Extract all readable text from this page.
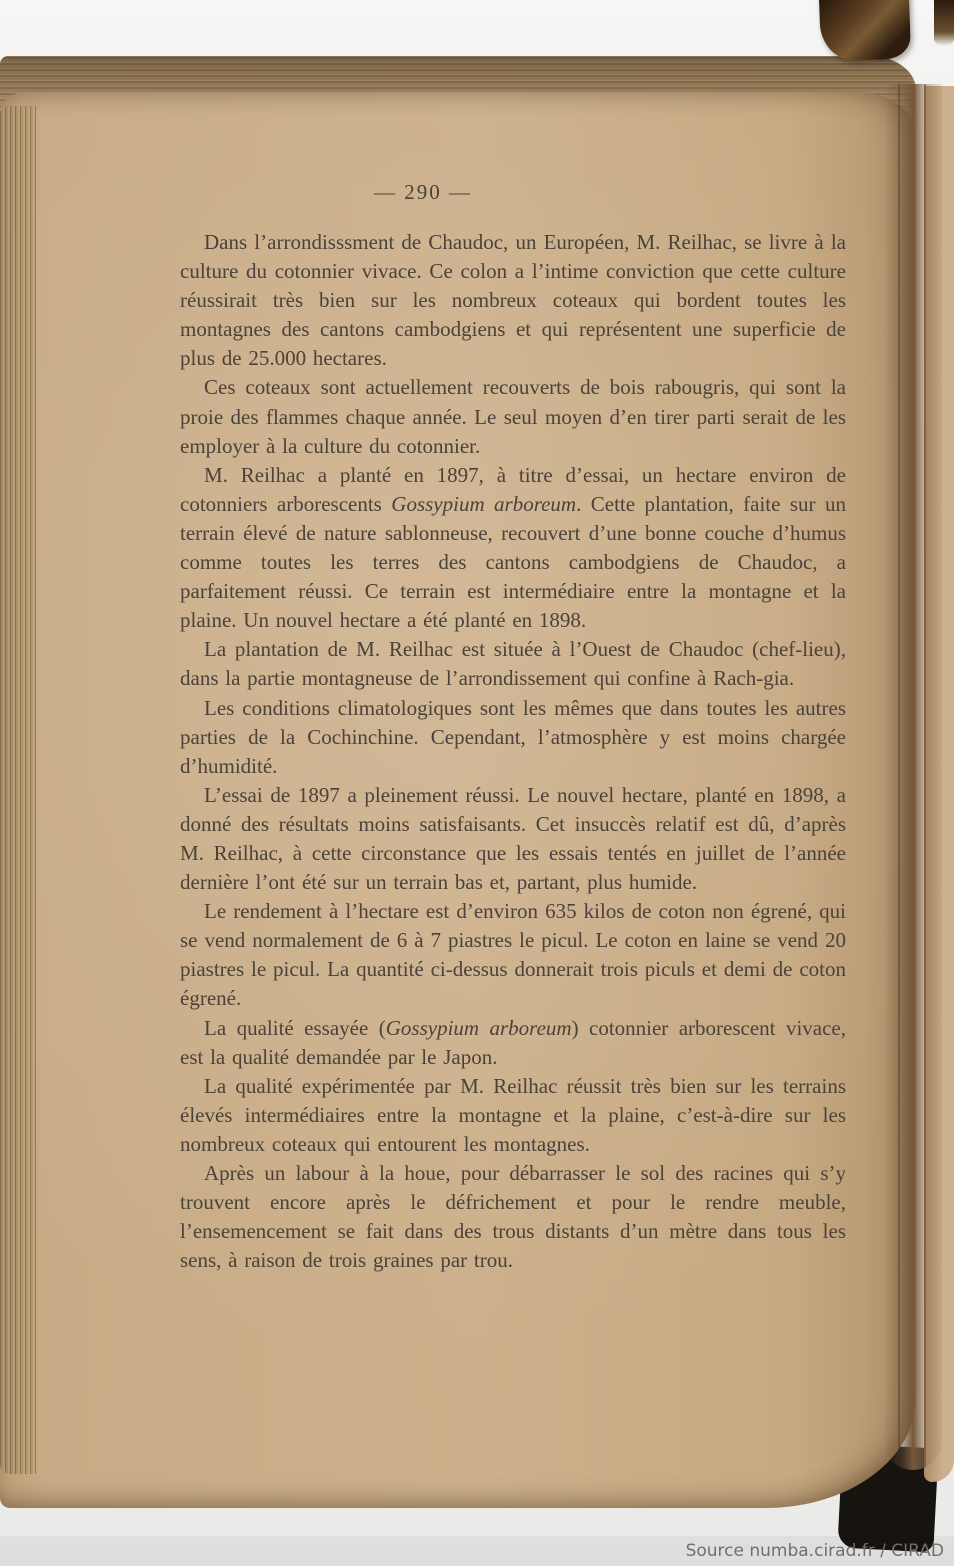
— 290 —

Dans l’arrondisssment de Chaudoc, un Européen, M. Reilhac, se livre à la culture du cotonnier vivace. Ce colon a l’intime conviction que cette culture réussirait très bien sur les nombreux coteaux qui bordent toutes les montagnes des cantons cambodgiens et qui représentent une superficie de plus de 25.000 hectares.

Ces coteaux sont actuellement recouverts de bois rabougris, qui sont la proie des flammes chaque année. Le seul moyen d’en tirer parti serait de les employer à la culture du cotonnier.

M. Reilhac a planté en 1897, à titre d’essai, un hectare environ de cotonniers arborescents Gossypium arboreum. Cette plantation, faite sur un terrain élevé de nature sablonneuse, recouvert d’une bonne couche d’humus comme toutes les terres des cantons cambodgiens de Chaudoc, a parfaitement réussi. Ce terrain est intermédiaire entre la montagne et la plaine. Un nouvel hectare a été planté en 1898.

La plantation de M. Reilhac est située à l’Ouest de Chaudoc (chef-lieu), dans la partie montagneuse de l’arrondissement qui confine à Rach-gia.

Les conditions climatologiques sont les mêmes que dans toutes les autres parties de la Cochinchine. Cependant, l’atmosphère y est moins chargée d’humidité.

L’essai de 1897 a pleinement réussi. Le nouvel hectare, planté en 1898, a donné des résultats moins satisfaisants. Cet insuccès relatif est dû, d’après M. Reilhac, à cette circonstance que les essais tentés en juillet de l’année dernière l’ont été sur un terrain bas et, partant, plus humide.

Le rendement à l’hectare est d’environ 635 kilos de coton non égrené, qui se vend normalement de 6 à 7 piastres le picul. Le coton en laine se vend 20 piastres le picul. La quantité ci-dessus donnerait trois piculs et demi de coton égrené.

La qualité essayée (Gossypium arboreum) cotonnier arborescent vivace, est la qualité demandée par le Japon.

La qualité expérimentée par M. Reilhac réussit très bien sur les terrains élevés intermédiaires entre la montagne et la plaine, c’est-à-dire sur les nombreux coteaux qui entourent les montagnes.

Après un labour à la houe, pour débarrasser le sol des racines qui s’y trouvent encore après le défrichement et pour le rendre meuble, l’ensemencement se fait dans des trous distants d’un mètre dans tous les sens, à raison de trois graines par trou.

Source numba.cirad.fr / CIRAD
